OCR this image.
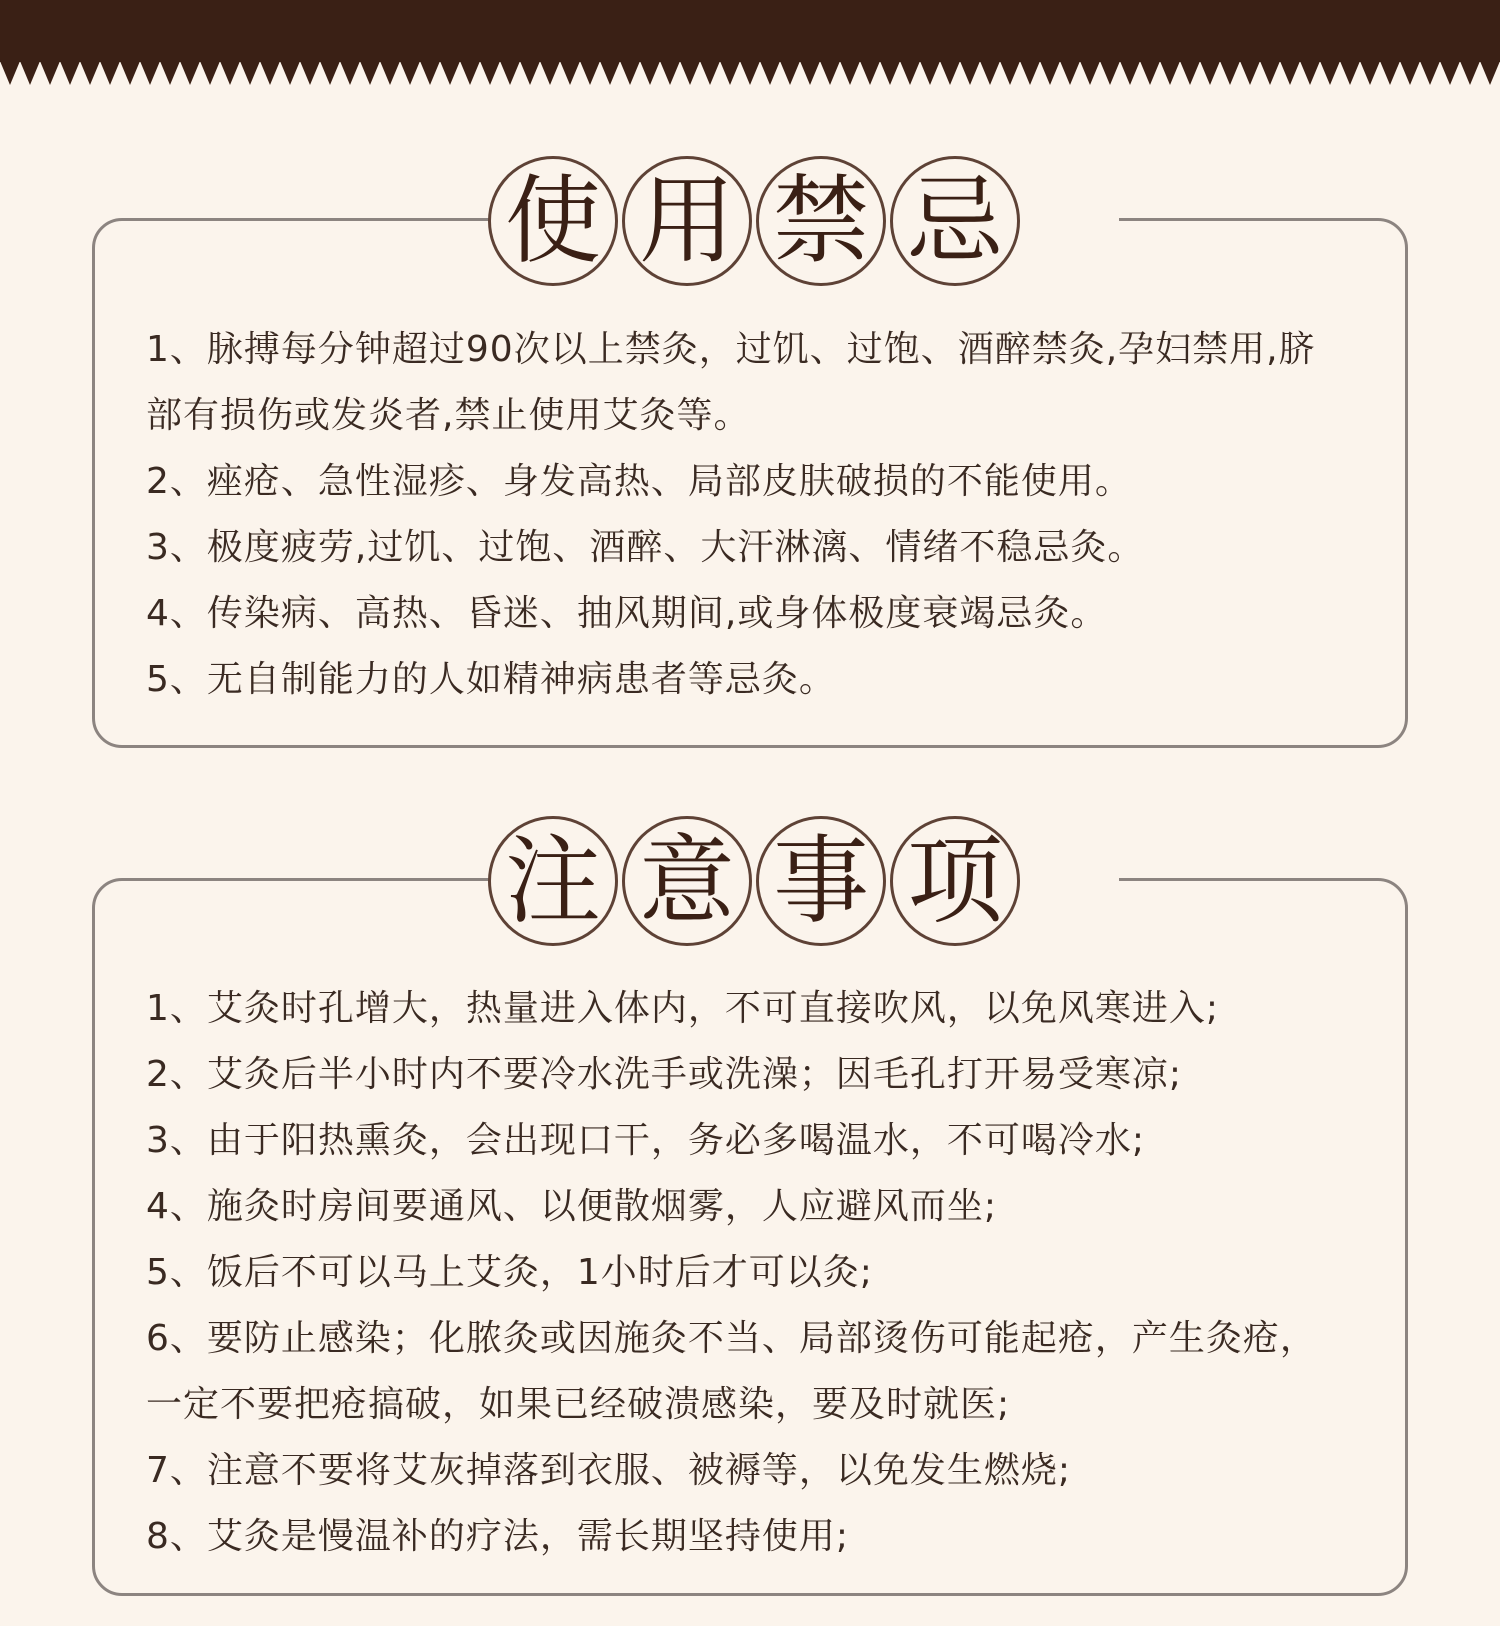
使 用 禁 忌
1、脉搏每分钟超过90次以上禁灸，过饥、过饱、酒醉禁灸,孕妇禁用,脐部有损伤或发炎者,禁止使用艾灸等。
2、痤疮、急性湿疹、身发高热、局部皮肤破损的不能使用。
3、极度疲劳,过饥、过饱、酒醉、大汗淋漓、情绪不稳忌灸。
4、传染病、高热、昏迷、抽风期间,或身体极度衰竭忌灸。
5、无自制能力的人如精神病患者等忌灸。
注 意 事 项
1、艾灸时孔增大，热量进入体内，不可直接吹风，以免风寒进入;
2、艾灸后半小时内不要冷水洗手或洗澡；因毛孔打开易受寒凉;
3、由于阳热熏灸，会出现口干，务必多喝温水，不可喝冷水;
4、施灸时房间要通风、以便散烟雾，人应避风而坐;
5、饭后不可以马上艾灸，1小时后才可以灸;
6、要防止感染；化脓灸或因施灸不当、局部烫伤可能起疮，产生灸疮，一定不要把疮搞破，如果已经破溃感染，要及时就医;
7、注意不要将艾灰掉落到衣服、被褥等，以免发生燃烧;
8、艾灸是慢温补的疗法，需长期坚持使用;
